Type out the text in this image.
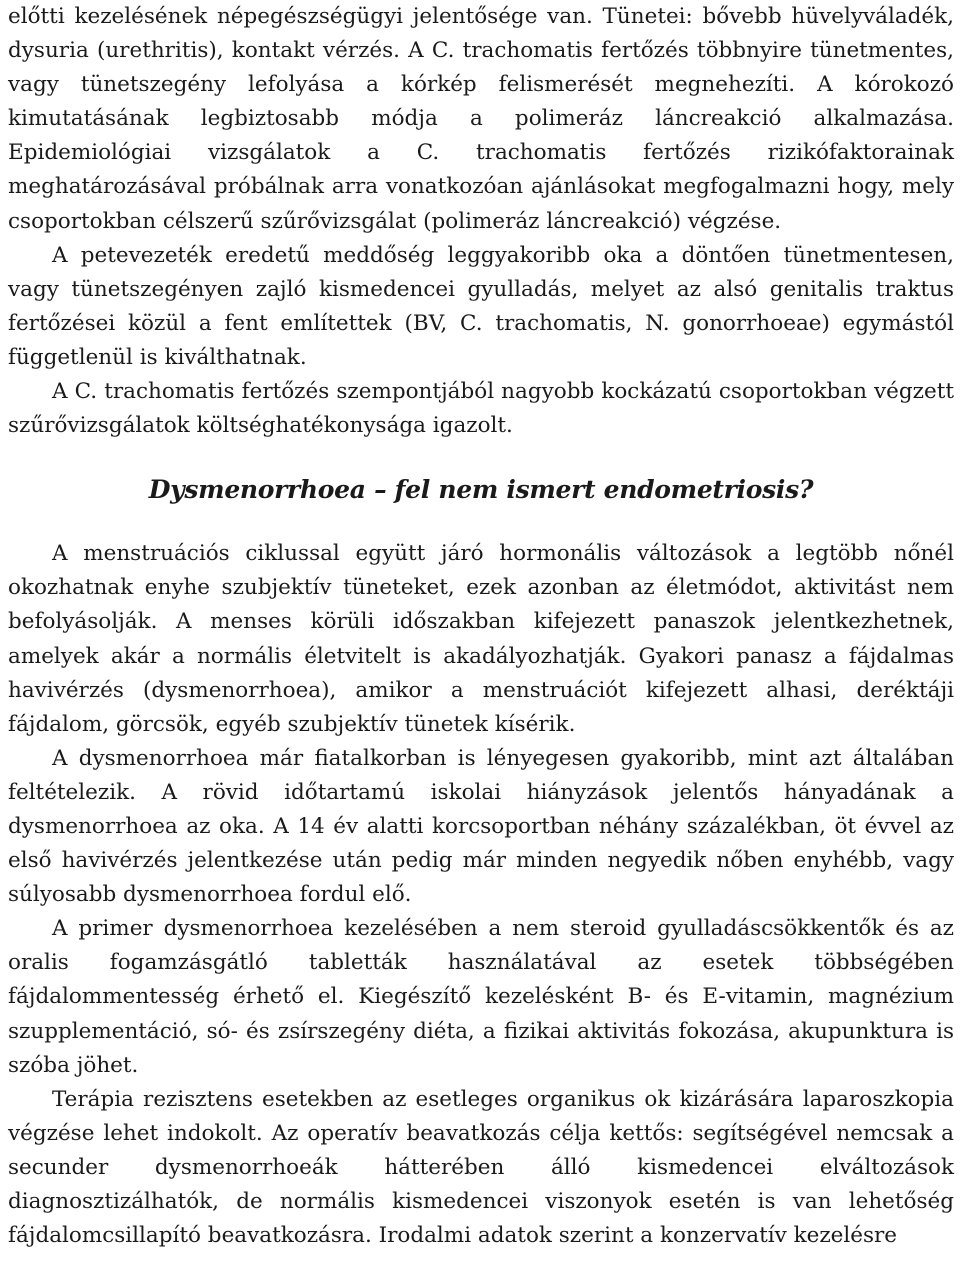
előtti kezelésének népegészségügyi jelentősége van. Tünetei: bővebb hüvelyváladék, dysuria (urethritis), kontakt vérzés. A C. trachomatis fertőzés többnyire tünetmentes, vagy tünetszegény lefolyása a kórkép felismerését megnehezíti. A kórokozó kimutatásának legbiztosabb módja a polimeráz láncreakció alkalmazása. Epidemiológiai vizsgálatok a C. trachomatis fertőzés rizikófaktorainak meghatározásával próbálnak arra vonatkozóan ajánlásokat megfogalmazni hogy, mely csoportokban célszerű szűrővizsgálat (polimeráz láncreakció) végzése.

A petevezeték eredetű meddőség leggyakoribb oka a döntően tünetmentesen, vagy tünetszegényen zajló kismedencei gyulladás, melyet az alsó genitalis traktus fertőzései közül a fent említettek (BV, C. trachomatis, N. gonorrhoeae) egymástól függetlenül is kiválthatnak.

A C. trachomatis fertőzés szempontjából nagyobb kockázatú csoportokban végzett szűrővizsgálatok költséghatékonysága igazolt.

Dysmenorrhoea – fel nem ismert endometriosis?

A menstruációs ciklussal együtt járó hormonális változások a legtöbb nőnél okozhatnak enyhe szubjektív tüneteket, ezek azonban az életmódot, aktivitást nem befolyásolják. A menses körüli időszakban kifejezett panaszok jelentkezhetnek, amelyek akár a normális életvitelt is akadályozhatják. Gyakori panasz a fájdalmas havivérzés (dysmenorrhoea), amikor a menstruációt kifejezett alhasi, deréktáji fájdalom, görcsök, egyéb szubjektív tünetek kísérik.

A dysmenorrhoea már fiatalkorban is lényegesen gyakoribb, mint azt általában feltételezik. A rövid időtartamú iskolai hiányzások jelentős hányadának a dysmenorrhoea az oka. A 14 év alatti korcsoportban néhány százalékban, öt évvel az első havivérzés jelentkezése után pedig már minden negyedik nőben enyhébb, vagy súlyosabb dysmenorrhoea fordul elő.

A primer dysmenorrhoea kezelésében a nem steroid gyulladáscsökkentők és az oralis fogamzásgátló tabletták használatával az esetek többségében fájdalommentesség érhető el. Kiegészítő kezelésként B- és E-vitamin, magnézium szupplementáció, só- és zsírszegény diéta, a fizikai aktivitás fokozása, akupunktura is szóba jöhet.

Terápia rezisztens esetekben az esetleges organikus ok kizárására laparoszkopia végzése lehet indokolt. Az operatív beavatkozás célja kettős: segítségével nemcsak a secunder dysmenorrhoeák hátterében álló kismedencei elváltozások diagnosztizálhatók, de normális kismedencei viszonyok esetén is van lehetőség fájdalomcsillapító beavatkozásra. Irodalmi adatok szerint a konzervatív kezelésre
